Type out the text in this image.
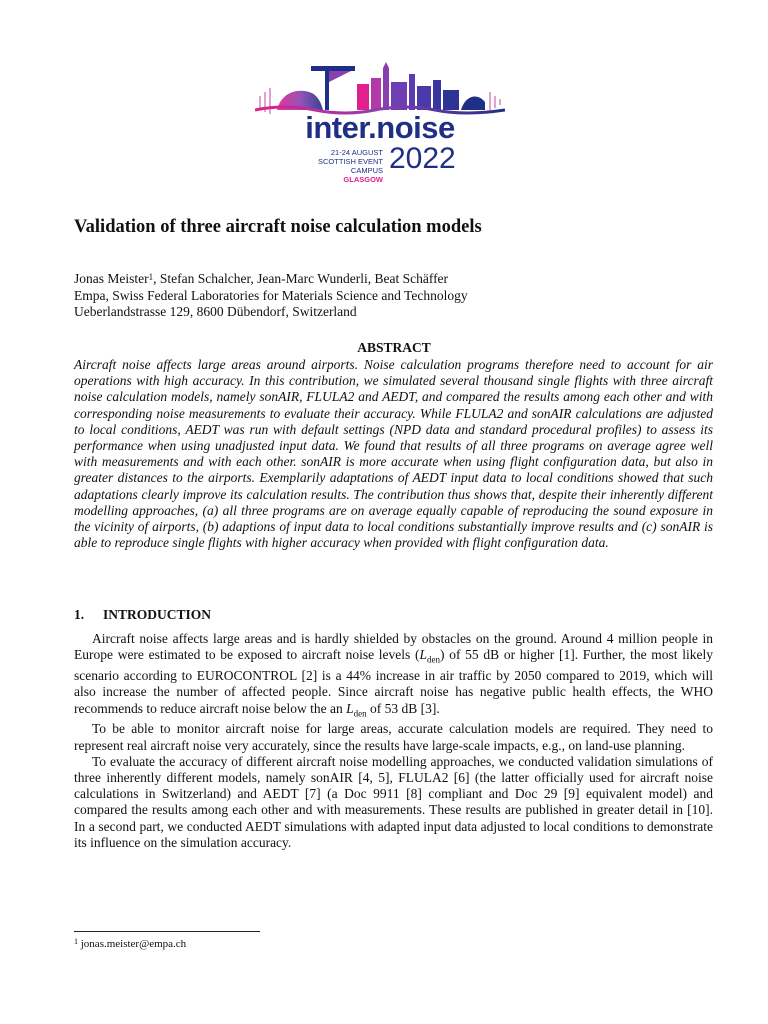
inter.noise
21-24 AUGUST
SCOTTISH EVENT CAMPUS
GLASGOW
2022
Validation of three aircraft noise calculation models

Jonas Meister$^1$, Stefan Schalcher, Jean-Marc Wunderli, Beat Schäffer

Empa, Swiss Federal Laboratories for Materials Science and Technology

Ueberlandstrasse 129, 8600 Dübendorf, Switzerland

ABSTRACT

Aircraft noise affects large areas around airports. Noise calculation programs therefore need to account for air operations with high accuracy. In this contribution, we simulated several thousand single flights with three aircraft noise calculation models, namely sonAIR, FLULA2 and AEDT, and compared the results among each other and with corresponding noise measurements to evaluate their accuracy. While FLULA2 and sonAIR calculations are adjusted to local conditions, AEDT was run with default settings (NPD data and standard procedural profiles) to assess its performance when using unadjusted input data. We found that results of all three programs on average agree well with measurements and with each other. sonAIR is more accurate when using flight configuration data, but also in greater distances to the airports. Exemplarily adaptations of AEDT input data to local conditions showed that such adaptations clearly improve its calculation results. The contribution thus shows that, despite their inherently different modelling approaches, (a) all three programs are on average equally capable of reproducing the sound exposure in the vicinity of airports, (b) adaptions of input data to local conditions substantially improve results and (c) sonAIR is able to reproduce single flights with higher accuracy when provided with flight configuration data.

1. INTRODUCTION

Aircraft noise affects large areas and is hardly shielded by obstacles on the ground. Around 4 million people in Europe were estimated to be exposed to aircraft noise levels $(L_{den})$ of 55 dB or higher [1]. Further, the most likely scenario according to EUROCONTROL [2] is a 44% increase in air traffic by 2050 compared to 2019, which will also increase the number of affected people. Since aircraft noise has negative public health effects, the WHO recommends to reduce aircraft noise below the an $L_{den}$ of 53 dB [3].

To be able to monitor aircraft noise for large areas, accurate calculation models are required. They need to represent real aircraft noise very accurately, since the results have large-scale impacts, e.g., on land-use planning.

To evaluate the accuracy of different aircraft noise modelling approaches, we conducted validation simulations of three inherently different models, namely sonAIR [4, 5], FLULA2 [6] (the latter officially used for aircraft noise calculations in Switzerland) and AEDT [7] (a Doc 9911 [8] compliant and Doc 29 [9] equivalent model) and compared the results among each other and with measurements. These results are published in greater detail in [10]. In a second part, we conducted AEDT simulations with adapted input data adjusted to local conditions to demonstrate its influence on the simulation accuracy.

$^1$ jonas.meister@empa.ch
